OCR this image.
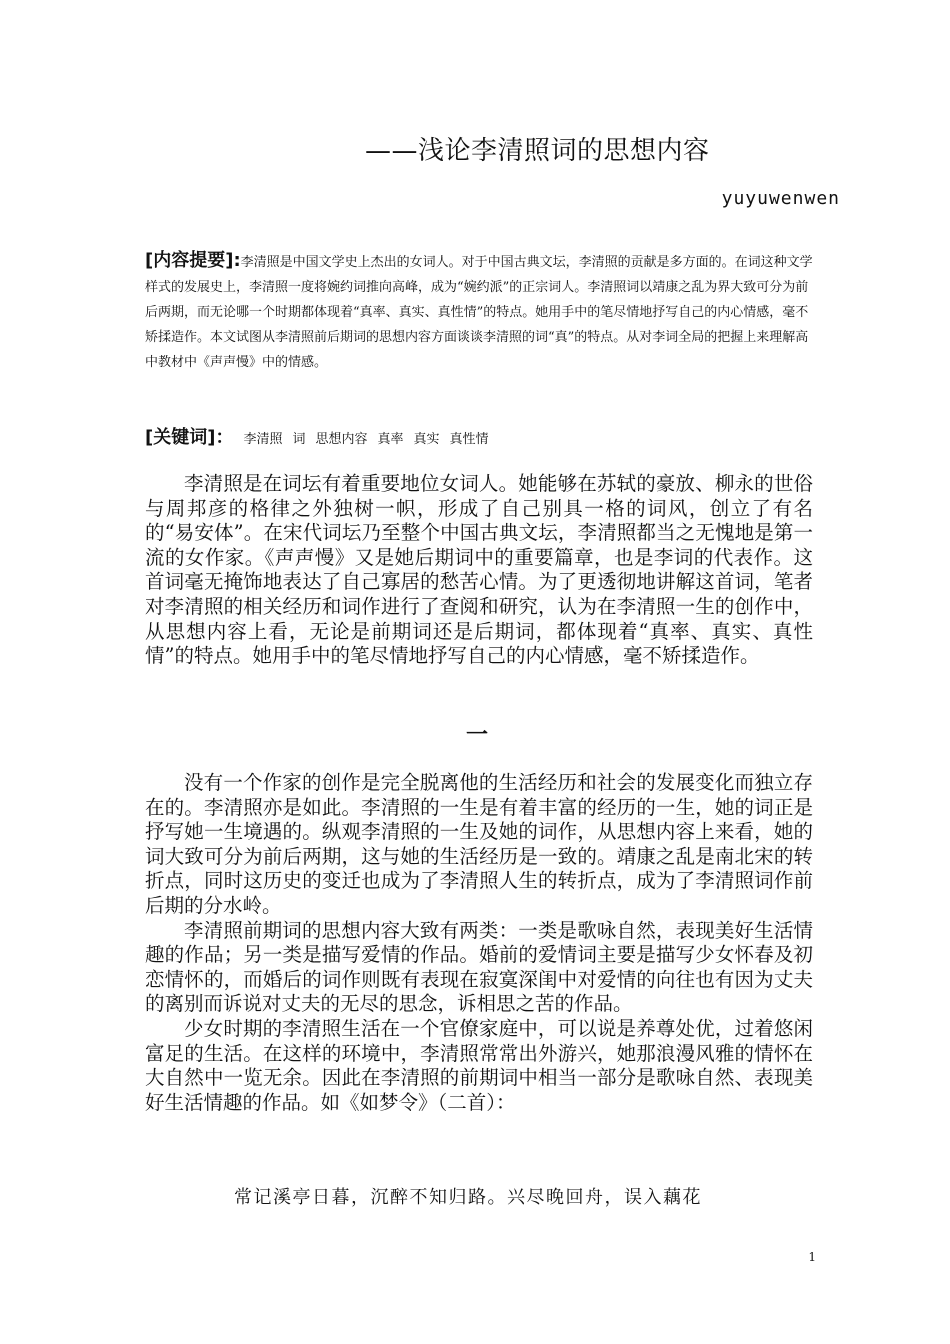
——浅论李清照词的思想内容
yuyuwenwen
[内容提要]:李清照是中国文学史上杰出的女词人。对于中国古典文坛，李清照的贡献是多方面的。在词这种文学样式的发展史上，李清照一度将婉约词推向高峰，成为“婉约派”的正宗词人。李清照词以靖康之乱为界大致可分为前后两期，而无论哪一个时期都体现着“真率、真实、真性情”的特点。她用手中的笔尽情地抒写自己的内心情感，毫不矫揉造作。本文试图从李清照前后期词的思想内容方面谈谈李清照的词“真”的特点。从对李词全局的把握上来理解高中教材中《声声慢》中的情感。
[关键词]： 李清照 词 思想内容 真率 真实 真性情

李清照是在词坛有着重要地位女词人。她能够在苏轼的豪放、柳永的世俗与周邦彦的格律之外独树一帜，形成了自己别具一格的词风，创立了有名的“易安体”。在宋代词坛乃至整个中国古典文坛，李清照都当之无愧地是第一流的女作家。《声声慢》又是她后期词中的重要篇章，也是李词的代表作。这首词毫无掩饰地表达了自己寡居的愁苦心情。为了更透彻地讲解这首词，笔者对李清照的相关经历和词作进行了查阅和研究，认为在李清照一生的创作中，从思想内容上看，无论是前期词还是后期词，都体现着“真率、真实、真性情”的特点。她用手中的笔尽情地抒写自己的内心情感，毫不矫揉造作。

一

没有一个作家的创作是完全脱离他的生活经历和社会的发展变化而独立存在的。李清照亦是如此。李清照的一生是有着丰富的经历的一生，她的词正是抒写她一生境遇的。纵观李清照的一生及她的词作，从思想内容上来看，她的词大致可分为前后两期，这与她的生活经历是一致的。靖康之乱是南北宋的转折点，同时这历史的变迁也成为了李清照人生的转折点，成为了李清照词作前后期的分水岭。

李清照前期词的思想内容大致有两类：一类是歌咏自然，表现美好生活情趣的作品；另一类是描写爱情的作品。婚前的爱情词主要是描写少女怀春及初恋情怀的，而婚后的词作则既有表现在寂寞深闺中对爱情的向往也有因为丈夫的离别而诉说对丈夫的无尽的思念，诉相思之苦的作品。

少女时期的李清照生活在一个官僚家庭中，可以说是养尊处优，过着悠闲富足的生活。在这样的环境中，李清照常常出外游兴，她那浪漫风雅的情怀在大自然中一览无余。因此在李清照的前期词中相当一部分是歌咏自然、表现美好生活情趣的作品。如《如梦令》（二首）：

常记溪亭日暮，沉醉不知归路。兴尽晚回舟，误入藕花
1
